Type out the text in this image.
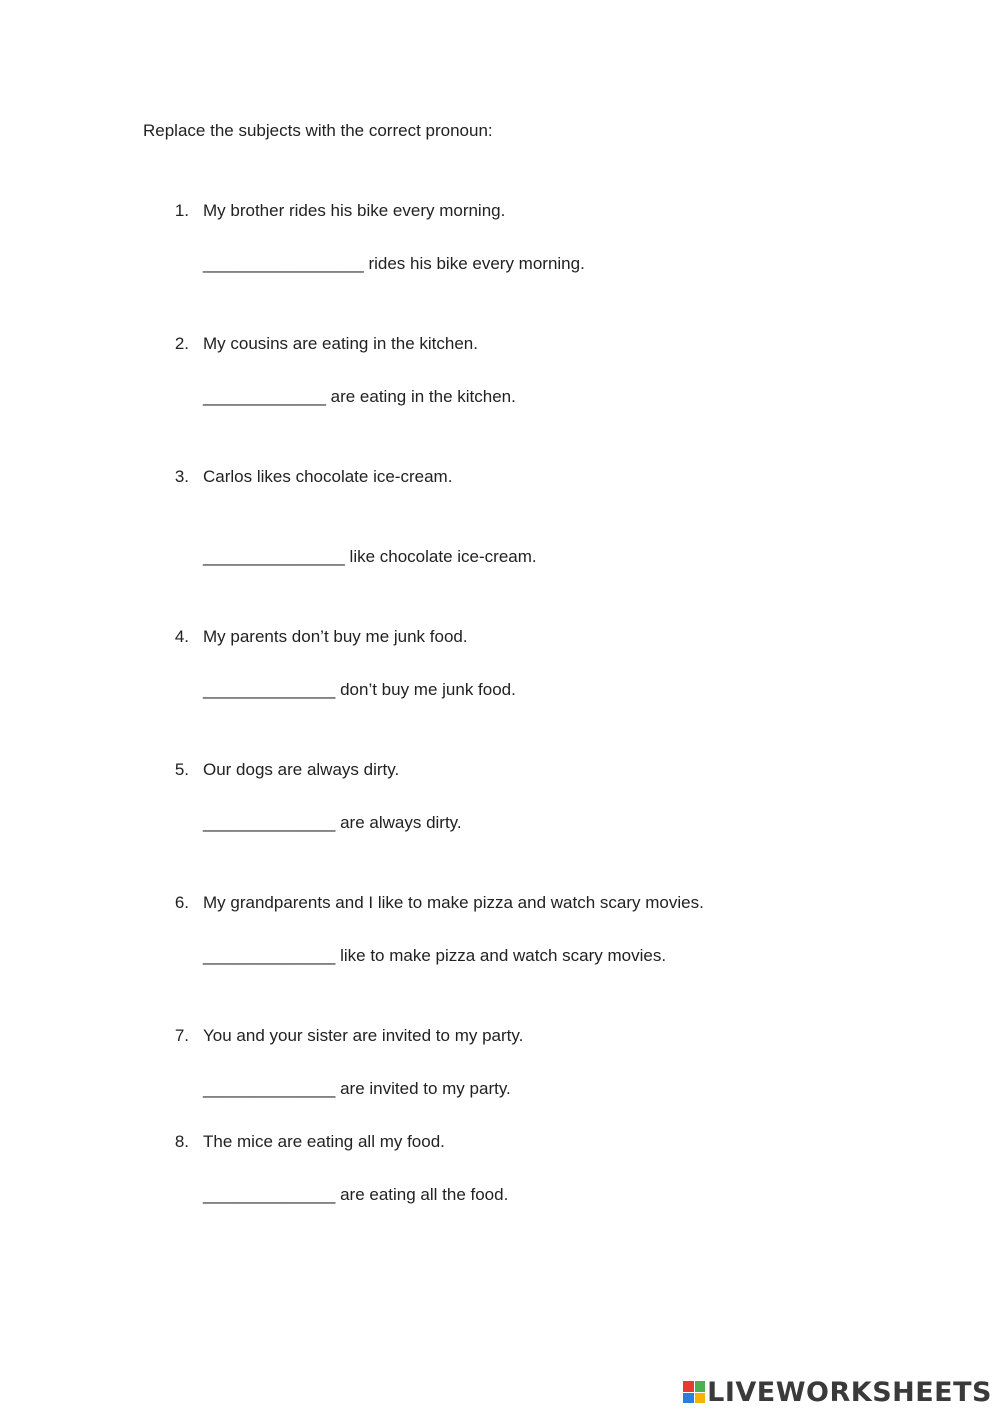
Replace the subjects with the correct pronoun:
1. My brother rides his bike every morning.
_________________ rides his bike every morning.
2. My cousins are eating in the kitchen.
_____________ are eating in the kitchen.
3. Carlos likes chocolate ice-cream.
_______________ like chocolate ice-cream.
4. My parents don’t buy me junk food.
______________ don’t buy me junk food.
5. Our dogs are always dirty.
______________ are always dirty.
6. My grandparents and I like to make pizza and watch scary movies.
______________ like to make pizza and watch scary movies.
7. You and your sister are invited to my party.
______________ are invited to my party.
8. The mice are eating all my food.
______________ are eating all the food.
LIVEWORKSHEETS
